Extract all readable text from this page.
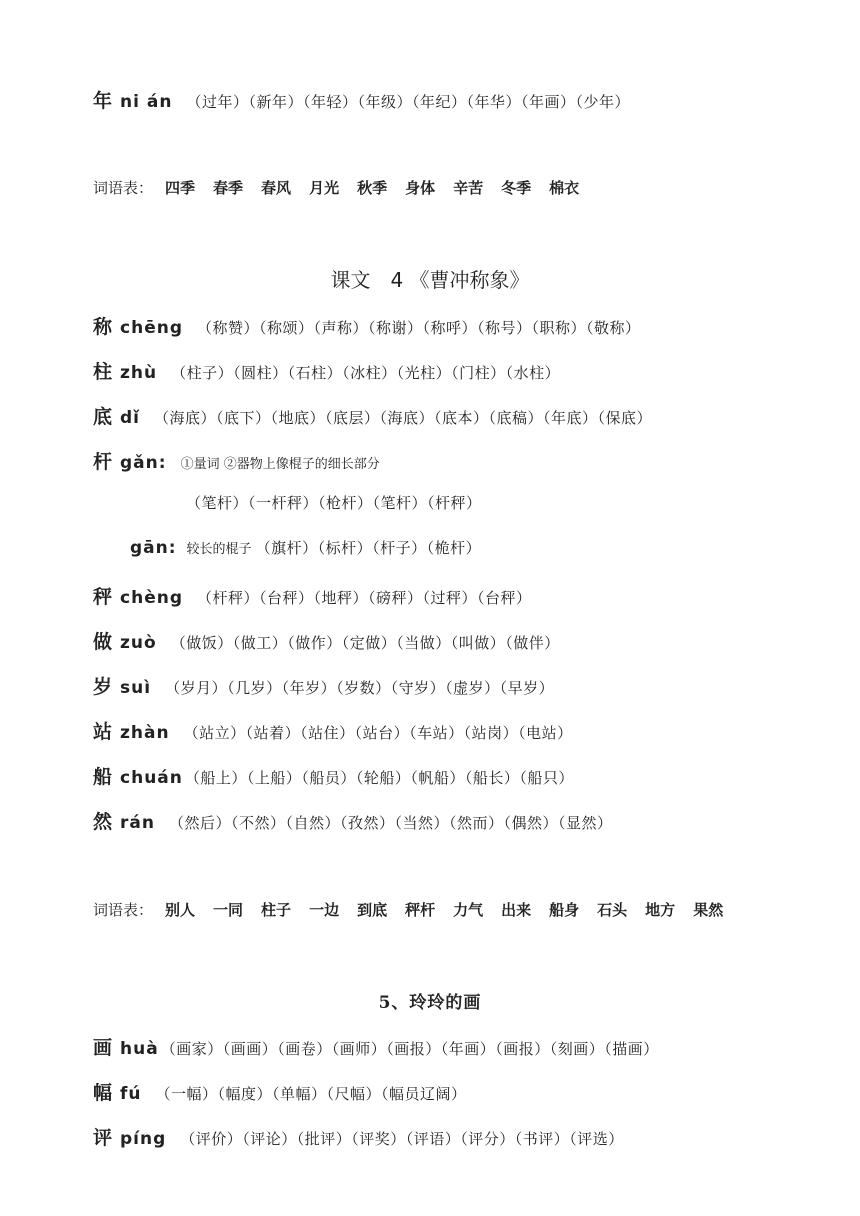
年 ni án （过年）（新年）（年轻）（年级）（年纪）（年华）（年画）（少年）
词语表： 四季 春季 春风 月光 秋季 身体 辛苦 冬季 棉衣
课文　4 《曹冲称象》
称 chēng （称赞）（称颂）（声称）（称谢）（称呼）（称号）（职称）（敬称）
柱 zhù （柱子）（圆柱）（石柱）（冰柱）（光柱）（门柱）（水柱）
底 dǐ （海底）（底下）（地底）（底层）（海底）（底本）（底稿）（年底）（保底）
杆 gǎn: ①量词 ②器物上像棍子的细长部分
（笔杆）（一杆秤）（枪杆）（笔杆）（杆秤）
gān: 较长的棍子 （旗杆）（标杆）（杆子）（桅杆）
秤 chèng （杆秤）（台秤）（地秤）（磅秤）（过秤）（台秤）
做 zuò （做饭）（做工）（做作）（定做）（当做）（叫做）（做伴）
岁 suì （岁月）（几岁）（年岁）（岁数）（守岁）（虚岁）（早岁）
站 zhàn （站立）（站着）（站住）（站台）（车站）（站岗）（电站）
船 chuán （船上）（上船）（船员）（轮船）（帆船）（船长）（船只）
然 rán （然后）（不然）（自然）（孜然）（当然）（然而）（偶然）（显然）
词语表： 别人 一同 柱子 一边 到底 秤杆 力气 出来 船身 石头 地方 果然
5、玲玲的画
画 huà （画家）（画画）（画卷）（画师）（画报）（年画）（画报）（刻画）（描画）
幅 fú （一幅）（幅度）（单幅）（尺幅）（幅员辽阔）
评 píng （评价）（评论）（批评）（评奖）（评语）（评分）（书评）（评选）
